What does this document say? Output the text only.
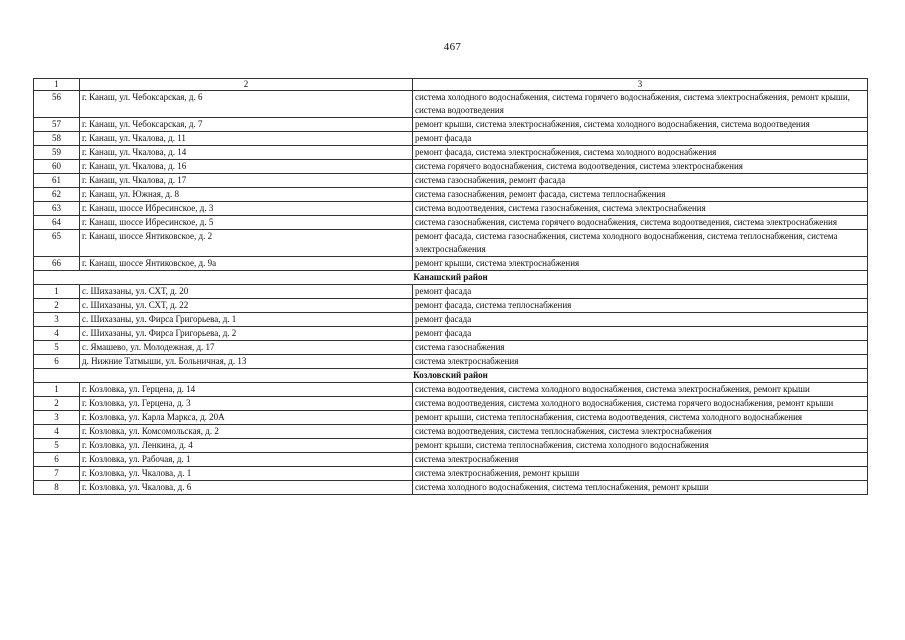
467
1	2	3
56	г. Канаш, ул. Чебоксарская, д. 6	система холодного водоснабжения, система горячего водоснабжения, система электроснабжения, ремонт крыши, система водоотведения
57	г. Канаш, ул. Чебоксарская, д. 7	ремонт крыши, система электроснабжения, система холодного водоснабжения, система водоотведения
58	г. Канаш, ул. Чкалова, д. 11	ремонт фасада
59	г. Канаш, ул. Чкалова, д. 14	ремонт фасада, система электроснабжения, система холодного водоснабжения
60	г. Канаш, ул. Чкалова, д. 16	система горячего водоснабжения, система водоотведения, система электроснабжения
61	г. Канаш, ул. Чкалова, д. 17	система газоснабжения, ремонт фасада
62	г. Канаш, ул. Южная, д. 8	система газоснабжения, ремонт фасада, система теплоснабжения
63	г. Канаш, шоссе Ибресинское, д. 3	система водоотведения, система газоснабжения, система электроснабжения
64	г. Канаш, шоссе Ибресинское, д. 5	система газоснабжения, система горячего водоснабжения, система водоотведения, система электроснабжения
65	г. Канаш, шоссе Янтиковское, д. 2	ремонт фасада, система газоснабжения, система холодного водоснабжения, система теплоснабжения, система электроснабжения
66	г. Канаш, шоссе Янтиковское, д. 9а	ремонт крыши, система электроснабжения
Канашский район		
1	с. Шихазаны, ул. СХТ, д. 20	ремонт фасада
2	с. Шихазаны, ул. СХТ, д. 22	ремонт фасада, система теплоснабжения
3	с. Шихазаны, ул. Фирса Григорьева, д. 1	ремонт фасада
4	с. Шихазаны, ул. Фирса Григорьева, д. 2	ремонт фасада
5	с. Ямашево, ул. Молодежная, д. 17	система газоснабжения
6	д. Нижние Татмыши, ул. Больничная, д. 13	система электроснабжения
Козловский район		
1	г. Козловка, ул. Герцена, д. 14	система водоотведения, система холодного водоснабжения, система электроснабжения, ремонт крыши
2	г. Козловка, ул. Герцена, д. 3	система водоотведения, система холодного водоснабжения, система горячего водоснабжения, ремонт крыши
3	г. Козловка, ул. Карла Маркса, д. 20А	ремонт крыши, система теплоснабжения, система водоотведения, система холодного водоснабжения
4	г. Козловка, ул. Комсомольская, д. 2	система водоотведения, система теплоснабжения, система электроснабжения
5	г. Козловка, ул. Ленкина, д. 4	ремонт крыши, система теплоснабжения, система холодного водоснабжения
6	г. Козловка, ул. Рабочая, д. 1	система электроснабжения
7	г. Козловка, ул. Чкалова, д. 1	система электроснабжения, ремонт крыши
8	г. Козловка, ул. Чкалова, д. 6	система холодного водоснабжения, система теплоснабжения, ремонт крыши
